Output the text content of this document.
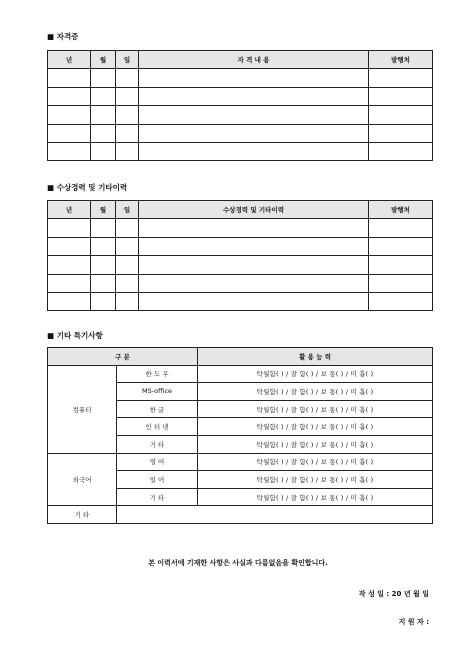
■ 자격증
년	월	일	자 격 내 용	발행처

■ 수상경력 및 기타이력
년	월	일	수상경력 및 기타이력	발행처

■ 기타 특기사항
구 분		활 용 능 력
컴퓨터	한 도 우	탁월함( ) / 잘 함( ) / 보 통( ) / 미 흡( )
	MS-office	탁월함( ) / 잘 함( ) / 보 통( ) / 미 흡( )
	한 글	탁월함( ) / 잘 함( ) / 보 통( ) / 미 흡( )
	인 터 넷	탁월함( ) / 잘 함( ) / 보 통( ) / 미 흡( )
	기 타	탁월함( ) / 잘 함( ) / 보 통( ) / 미 흡( )
외국어	영 어	탁월함( ) / 잘 함( ) / 보 통( ) / 미 흡( )
	일 어	탁월함( ) / 잘 함( ) / 보 통( ) / 미 흡( )
	기 타	탁월함( ) / 잘 함( ) / 보 통( ) / 미 흡( )
기 타		
본 이력서에 기재한 사항은 사실과 다름없음을 확인합니다.
작 성 일 : 20 년 월 일
지 원 자 :
